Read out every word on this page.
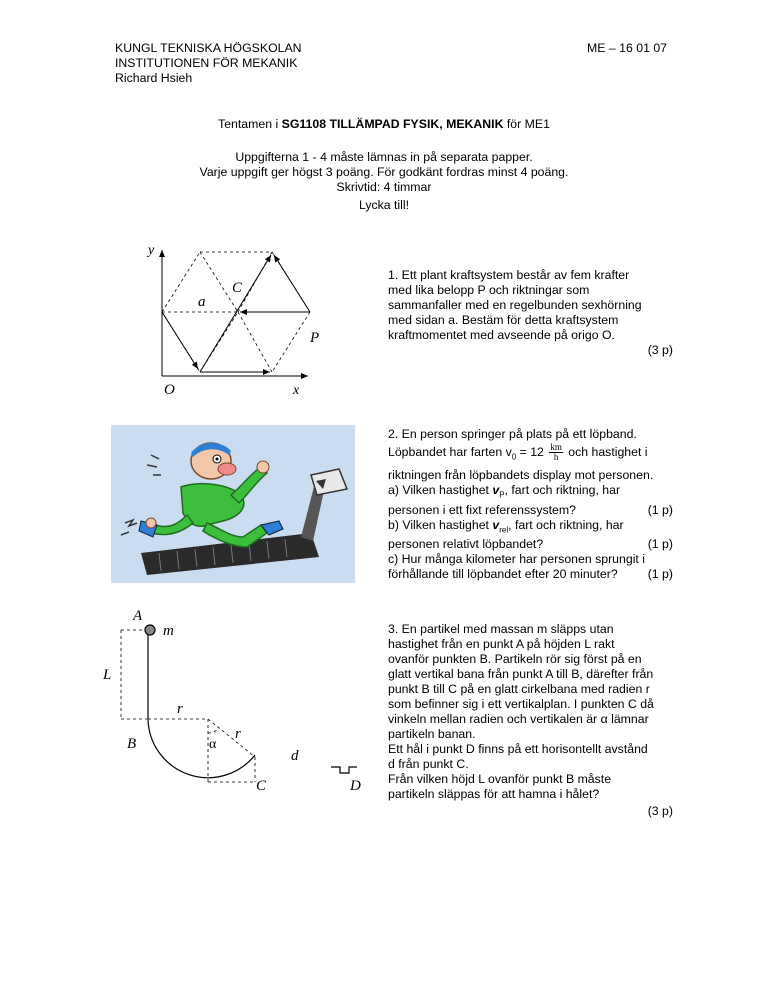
KUNGL TEKNISKA HÖGSKOLAN
INSTITUTIONEN FÖR MEKANIK
Richard Hsieh
ME – 16 01 07
Tentamen i SG1108 TILLÄMPAD FYSIK, MEKANIK för ME1
Uppgifterna 1 - 4 måste lämnas in på separata papper.
Varje uppgift ger högst 3 poäng. För godkänt fordras minst 4 poäng.
Skrivtid: 4 timmar
Lycka till!
y
x
O
a
C
P

1. Ett plant kraftsystem består av fem krafter

med lika belopp P och riktningar som

sammanfaller med en regelbunden sexhörning

med sidan a. Bestäm för detta kraftsystem

kraftmomentet med avseende på origo O.

(3 p)

2. En person springer på plats på ett löpband.

Löpbandet har farten $v_0 = 12 \frac{km}{h}$ och hastighet i

riktningen från löpbandets display mot personen.

a) Vilken hastighet $v_P$, fart och riktning, har

personen i ett fixt referenssystem?	(1 p)

b) Vilken hastighet $v_{rel}$, fart och riktning, har

personen relativt löpbandet?	(1 p)

c) Hur många kilometer har personen sprungit i

förhållande till löpbandet efter 20 minuter? (1 p)

A
m
L
r
B	α
r
d
C	D

3. En partikel med massan m släpps utan

hastighet från en punkt A på höjden L rakt

ovanför punkten B. Partikeln rör sig först på en

glatt vertikal bana från punkt A till B, därefter från

punkt B till C på en glatt cirkelbana med radien r

som befinner sig i ett vertikalplan. I punkten C då

vinkeln mellan radien och vertikalen är α lämnar

partikeln banan.

Ett hål i punkt D finns på ett horisontellt avstånd

d från punkt C.

Från vilken höjd L ovanför punkt B måste

partikeln släppas för att hamna i hålet?

(3 p)
